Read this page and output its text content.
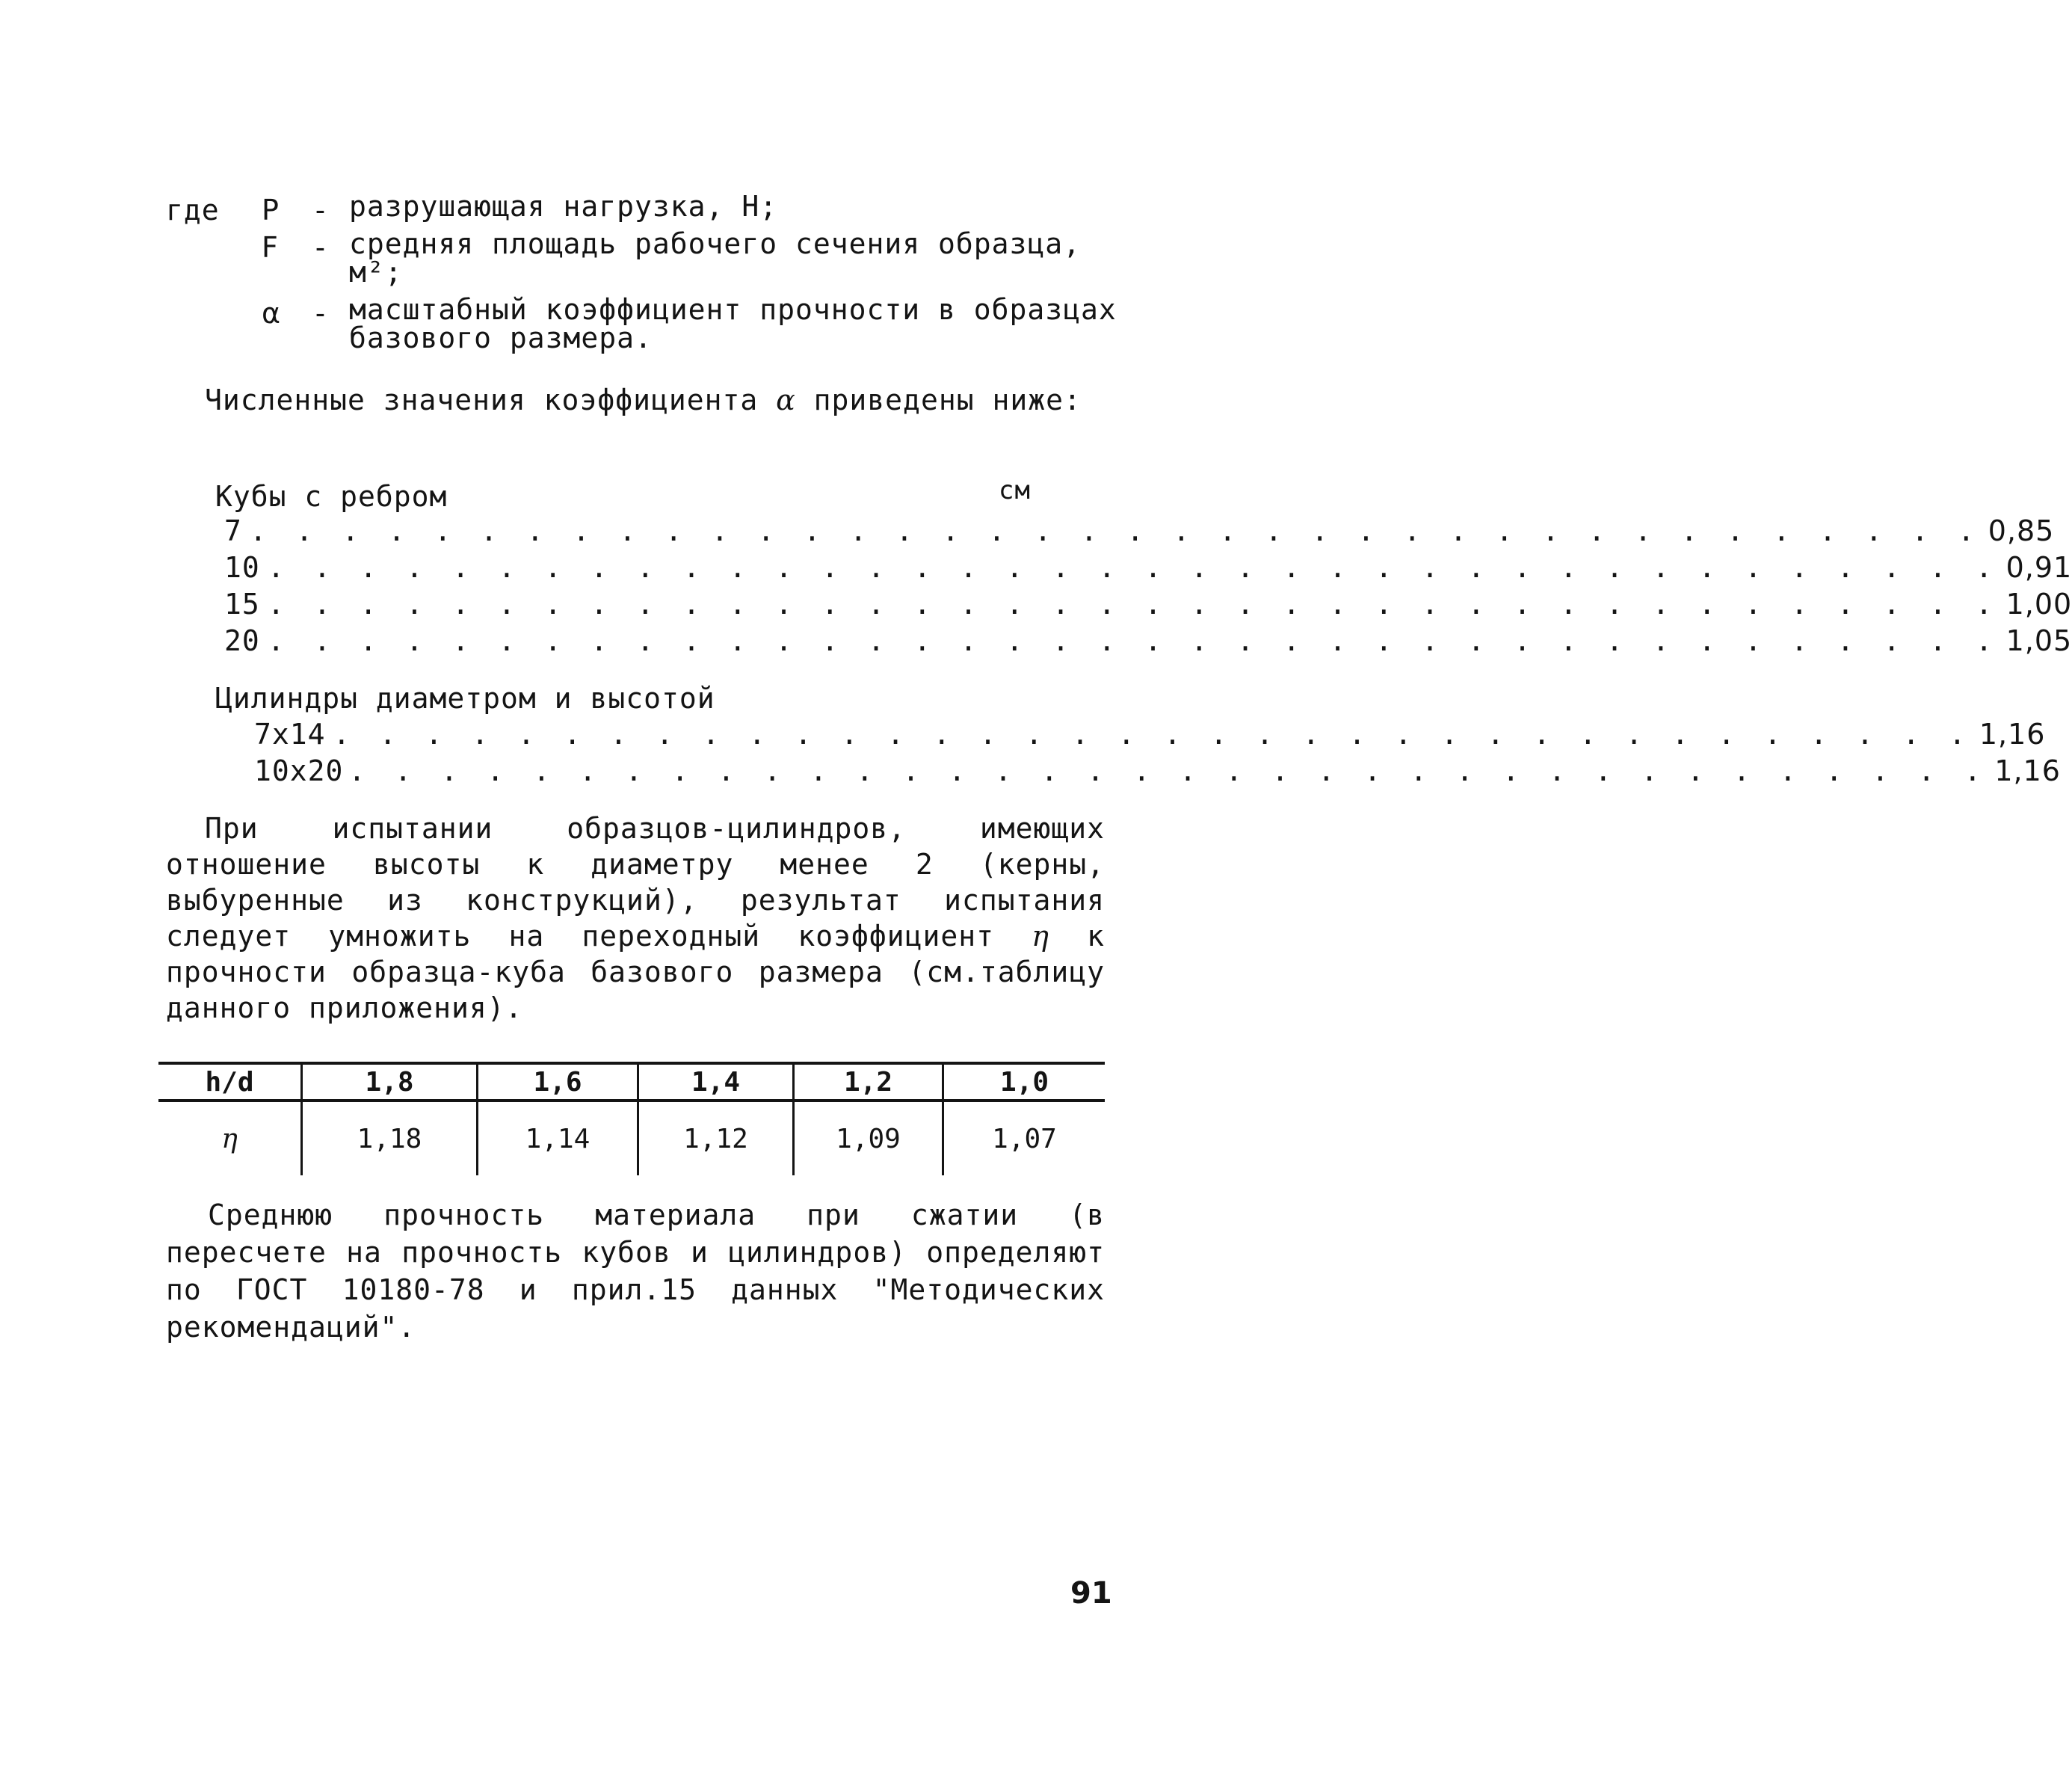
где	P	- разрушающая нагрузка, Н;
F	- средняя площадь рабочего сечения образца, м²;
α	- масштабный коэффициент прочности в образцах базового размера.
Численные значения коэффициента α приведены ниже:
Кубы с ребром	см
7 . . . . . . . . . . . . . . . . . . . . . . . . . . . . . . . . . . . . . . 0,85
10 . . . . . . . . . . . . . . . . . . . . . . . . . . . . . . . . . . . . . . 0,91
15 . . . . . . . . . . . . . . . . . . . . . . . . . . . . . . . . . . . . . . 1,00
20 . . . . . . . . . . . . . . . . . . . . . . . . . . . . . . . . . . . . . . 1,05
Цилиндры диаметром и высотой
7x14 . . . . . . . . . . . . . . . . . . . . . . . . . . . . . . . . . . . . 1,16
10x20 . . . . . . . . . . . . . . . . . . . . . . . . . . . . . . . . . . . . 1,16
При испытании образцов-цилиндров, имеющих отношение высоты к диаметру менее 2 (керны, выбуренные из конструкций), результат испытания следует умножить на переходный коэффициент η к прочности образца-куба базового размера (см.таблицу данного приложения).
h/d	1,8	1,6	1,4	1,2	1,0
η	1,18	1,14	1,12	1,09	1,07
Среднюю прочность материала при сжатии (в пересчете на прочность кубов и цилиндров) определяют по ГОСТ 10180-78 и прил.15 данных "Методических рекомендаций".
91
